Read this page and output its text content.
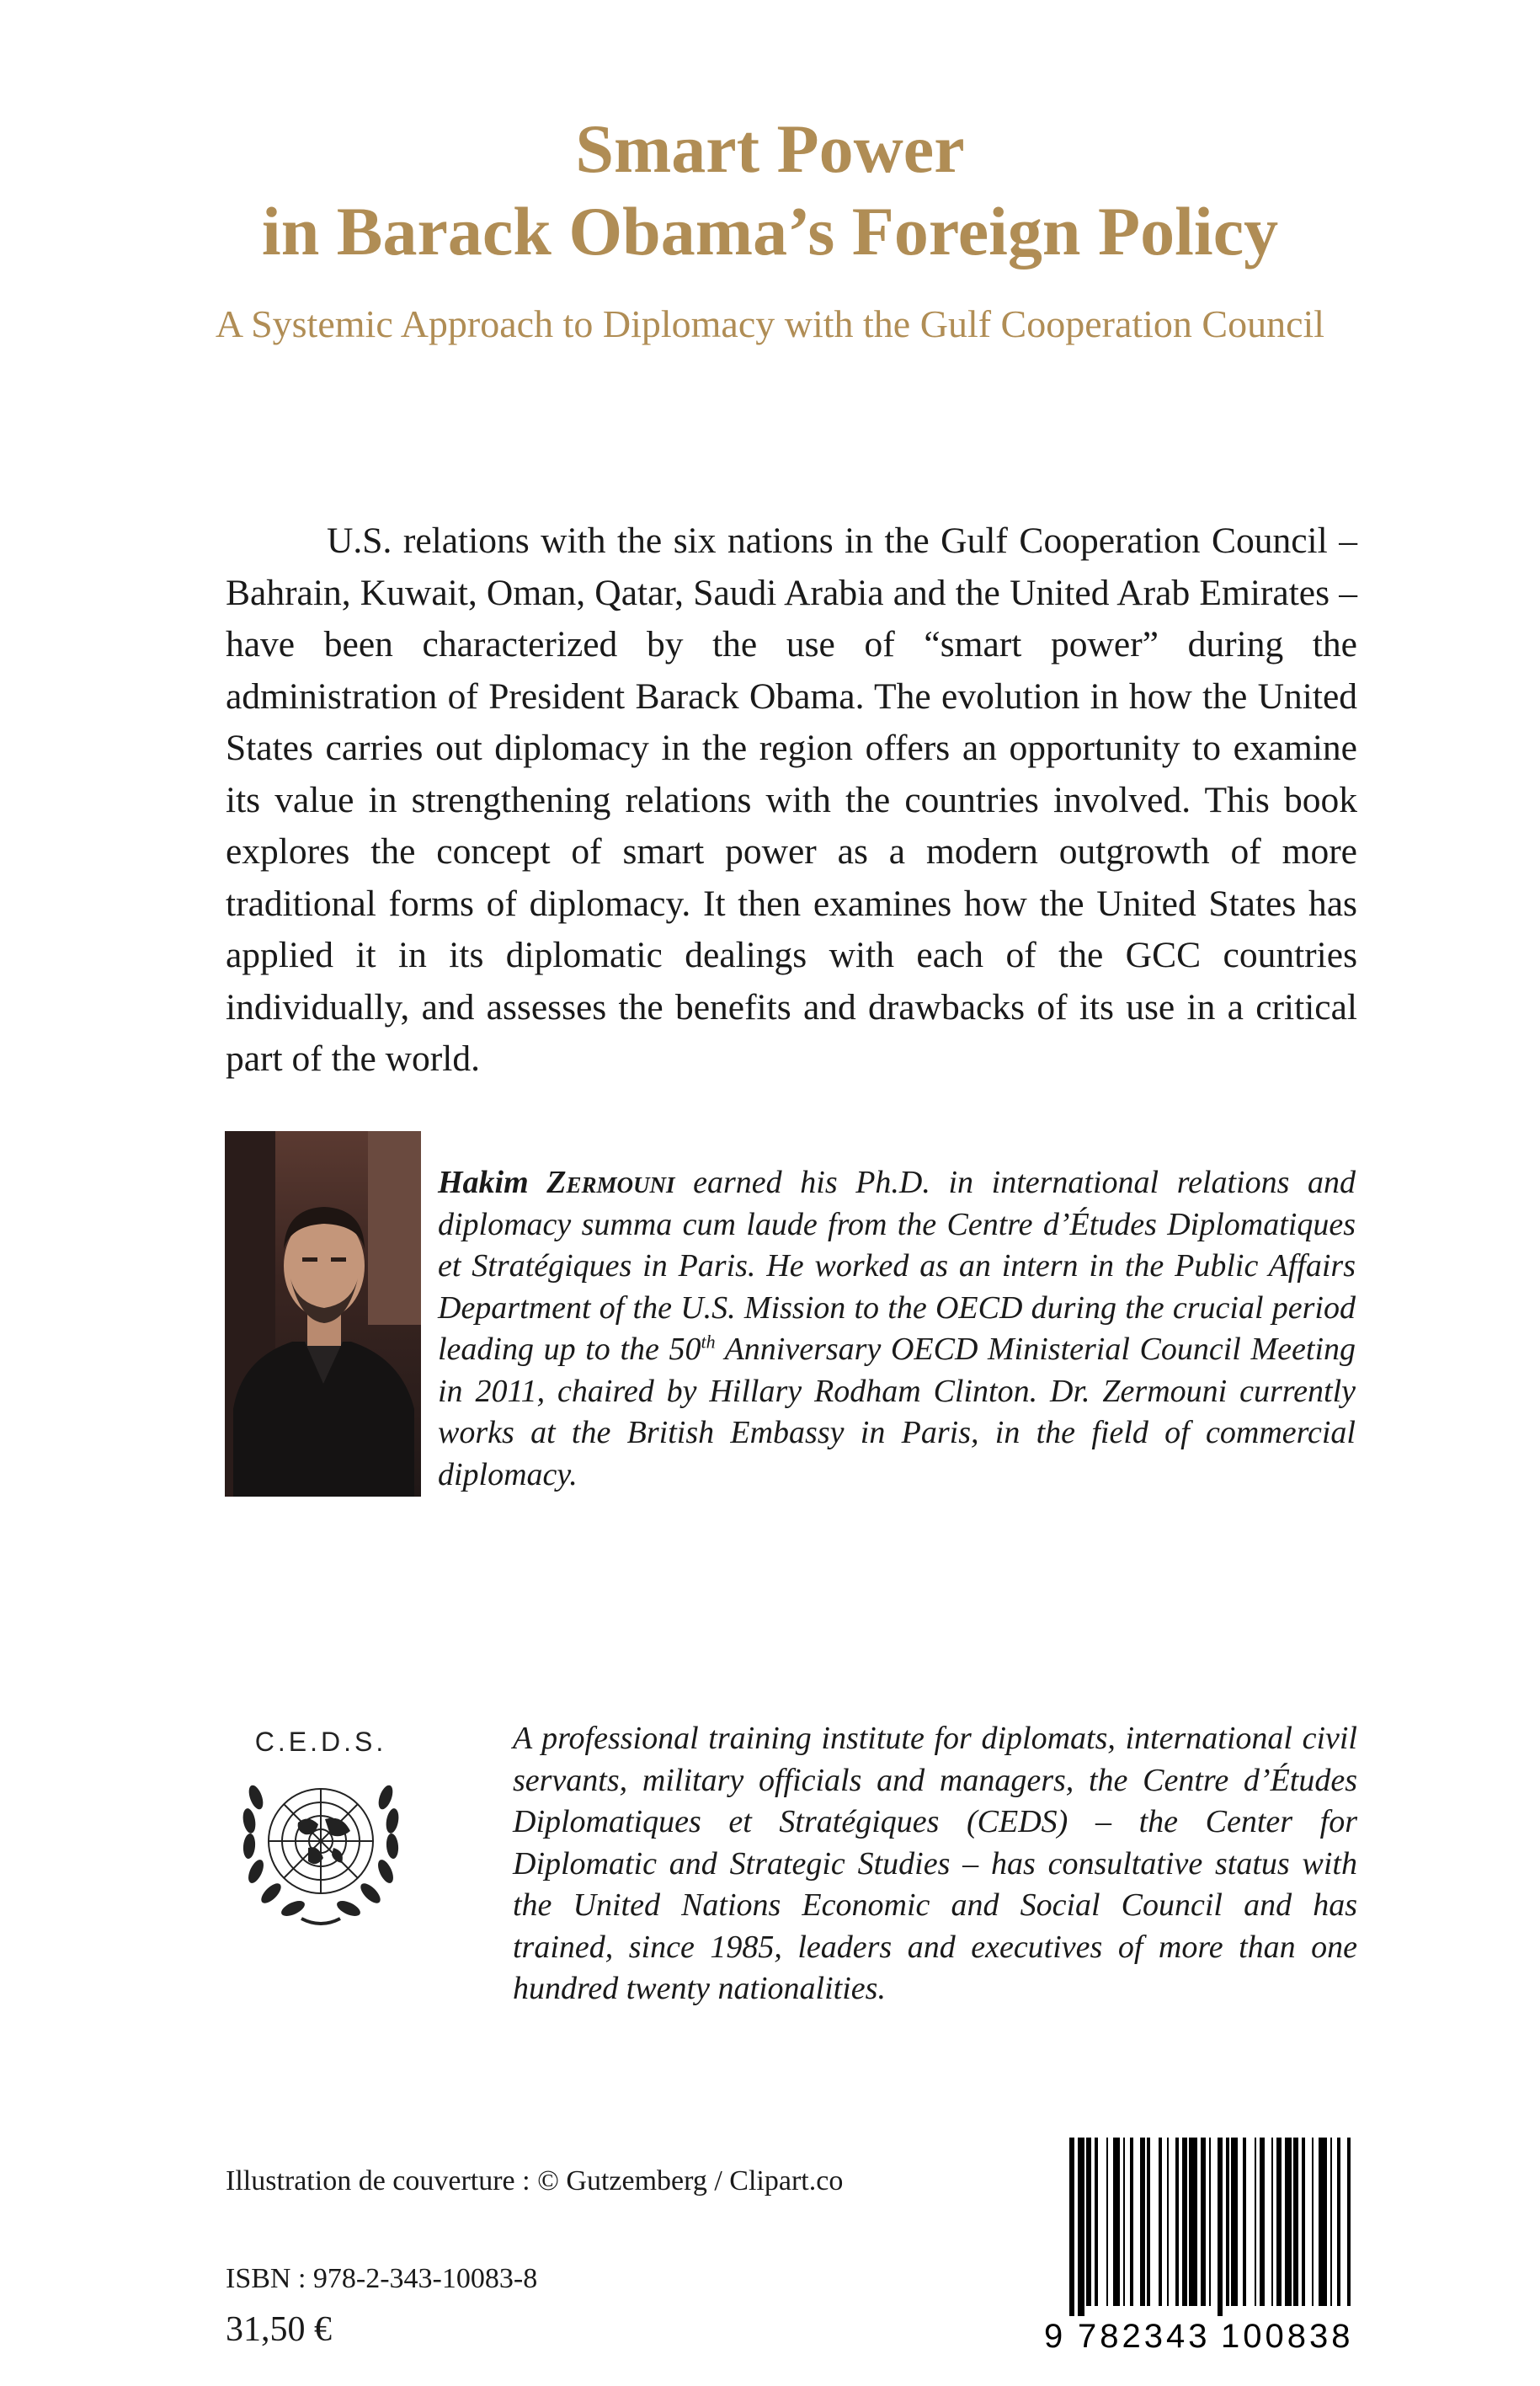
Smart Power
in Barack Obama’s Foreign Policy
A Systemic Approach to Diplomacy with the Gulf Cooperation Council

U.S. relations with the six nations in the Gulf Cooperation Council – Bahrain, Kuwait, Oman, Qatar, Saudi Arabia and the United Arab Emirates – have been characterized by the use of “smart power” during the administration of President Barack Obama. The evolution in how the United States carries out diplomacy in the region offers an opportunity to examine its value in strengthening relations with the countries involved. This book explores the concept of smart power as a modern outgrowth of more traditional forms of diplomacy. It then examines how the United States has applied it in its diplomatic dealings with each of the GCC countries individually, and assesses the benefits and drawbacks of its use in a critical part of the world.

Hakim Zermouni earned his Ph.D. in international relations and diplomacy summa cum laude from the Centre d’Études Diplomatiques et Stratégiques in Paris. He worked as an intern in the Public Affairs Department of the U.S. Mission to the OECD during the crucial period leading up to the 50th Anniversary OECD Ministerial Council Meeting in 2011, chaired by Hillary Rodham Clinton. Dr. Zermouni currently works at the British Embassy in Paris, in the field of commercial diplomacy.

C.E.D.S.	A professional training institute for diplomats, international civil servants, military officials and managers, the Centre d’Études Diplomatiques et Stratégiques (CEDS) – the Center for Diplomatic and Strategic Studies – has consultative status with the United Nations Economic and Social Council and has trained, since 1985, leaders and executives of more than one hundred twenty nationalities.

Illustration de couverture : © Gutzemberg / Clipart.co
ISBN : 978-2-343-10083-8
31,50 €	9 782343 100838
